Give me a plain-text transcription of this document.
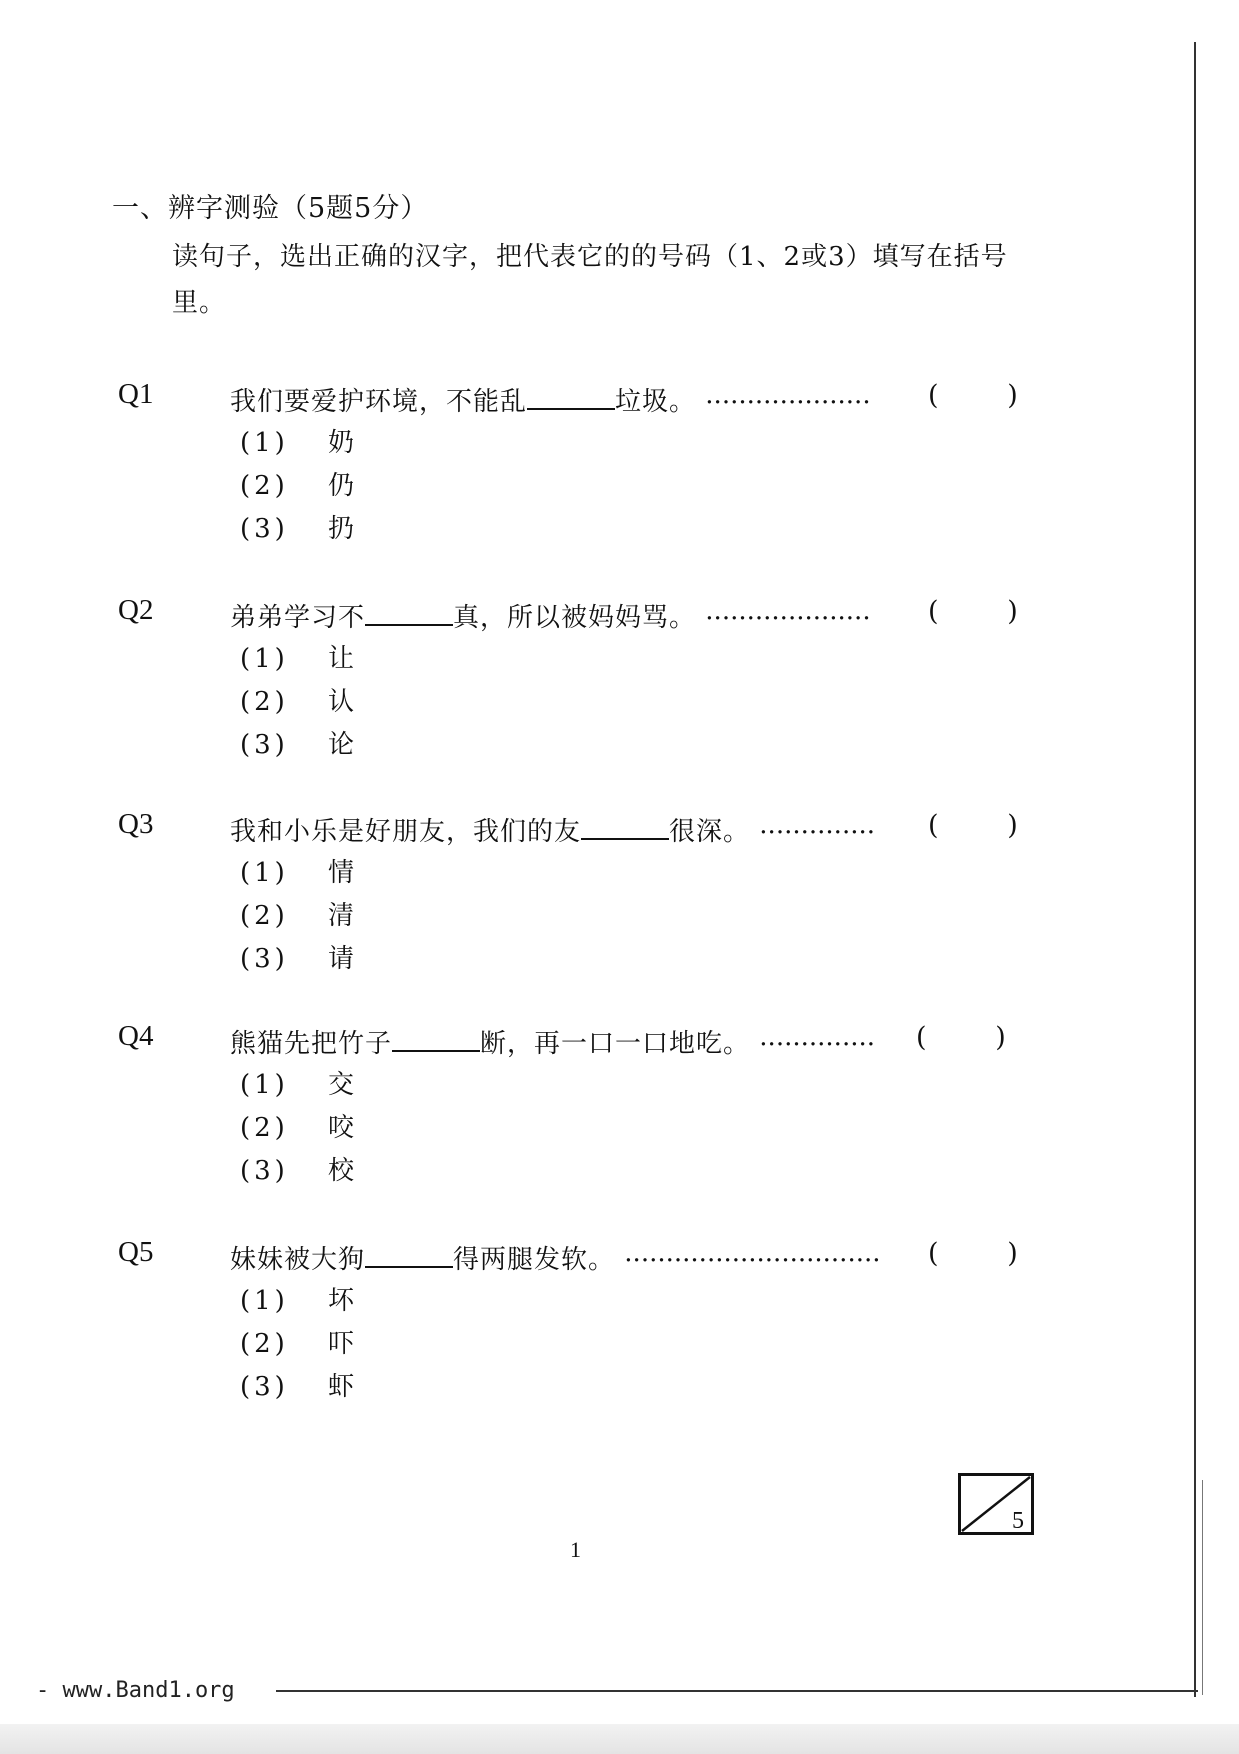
一、辨字测验（5题5分）
读句子，选出正确的汉字，把代表它的的号码（1、2或3）填写在括号里。
Q1	我们要爱护环境，不能乱	垃圾。 .................... (        )
(1) 奶
(2) 仍
(3) 扔
Q2	弟弟学习不	真，所以被妈妈骂。 .................... (        )
(1) 让
(2) 认
(3) 论
Q3	我和小乐是好朋友，我们的友	很深。 .............. (        )
(1) 情
(2) 清
(3) 请
Q4	熊猫先把竹子	断，再一口一口地吃。 .............. (        )
(1) 交
(2) 咬
(3) 校
Q5	妹妹被大狗	得两腿发软。 ............................... (        )
(1) 坏
(2) 吓
(3) 虾
5
1
- www.Band1.org
